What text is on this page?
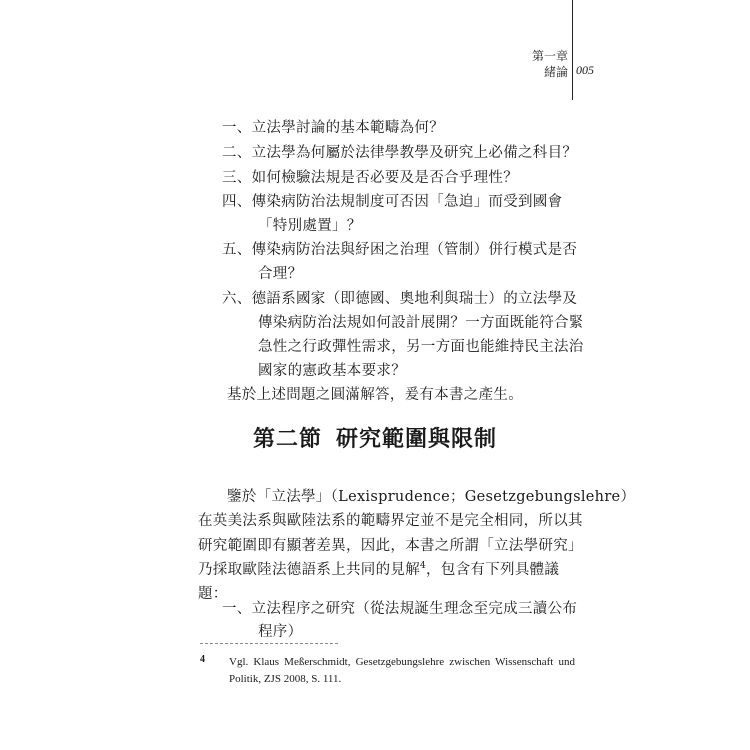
第一章
緒論 005
一、立法學討論的基本範疇為何？
二、立法學為何屬於法律學教學及研究上必備之科目？
三、如何檢驗法規是否必要及是否合乎理性？
四、傳染病防治法規制度可否因「急迫」而受到國會
「特別處置」？
五、傳染病防治法與紓困之治理（管制）併行模式是否
合理？
六、德語系國家（即德國、奧地利與瑞士）的立法學及
傳染病防治法規如何設計展開？一方面既能符合緊
急性之行政彈性需求，另一方面也能維持民主法治
國家的憲政基本要求？
基於上述問題之圓滿解答，爰有本書之產生。
第二節 研究範圍與限制
鑒於「立法學」（Lexisprudence；Gesetzgebungslehre）
在英美法系與歐陸法系的範疇界定並不是完全相同，所以其
研究範圍即有顯著差異，因此，本書之所謂「立法學研究」
乃採取歐陸法德語系上共同的見解$^4$，包含有下列具體議
題：
一、立法程序之研究（從法規誕生理念至完成三讀公布
程序）
4 Vgl. Klaus Meßerschmidt, Gesetzgebungslehre zwischen Wissenschaft und Politik, ZJS 2008, S. 111.
